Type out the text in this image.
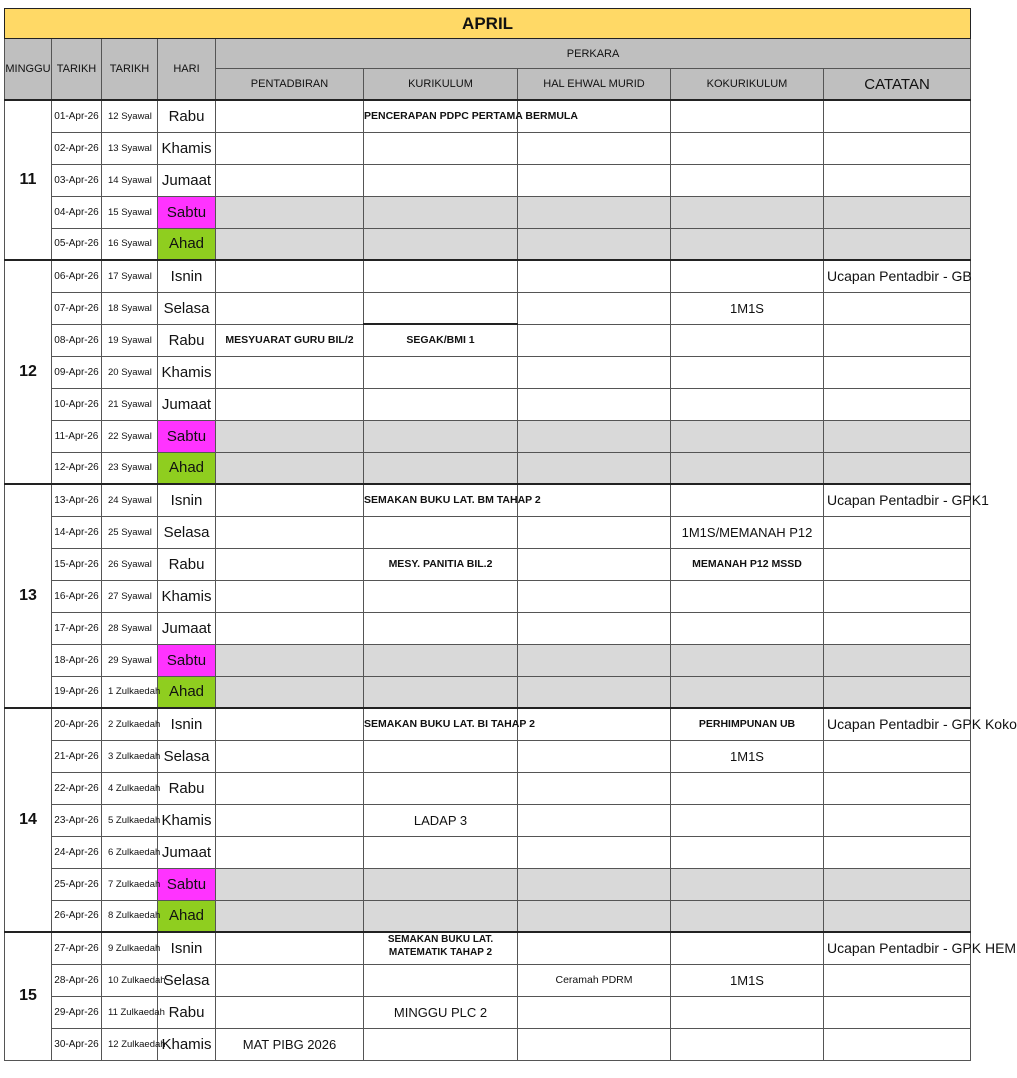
APRIL								
MINGGU	TARIKH	TARIKH	HARI	PERKARA				
				PENTADBIRAN	KURIKULUM	HAL EHWAL MURID	KOKURIKULUM	CATATAN
11	01-Apr-26	12 Syawal	Rabu		PENCERAPAN PDPC PERTAMA BERMULA			
	02-Apr-26	13 Syawal	Khamis					
	03-Apr-26	14 Syawal	Jumaat					
	04-Apr-26	15 Syawal	Sabtu					
	05-Apr-26	16 Syawal	Ahad					
12	06-Apr-26	17 Syawal	Isnin					Ucapan Pentadbir - GB
	07-Apr-26	18 Syawal	Selasa				1M1S	
	08-Apr-26	19 Syawal	Rabu	MESYUARAT GURU BIL/2	SEGAK/BMI 1			
	09-Apr-26	20 Syawal	Khamis					
	10-Apr-26	21 Syawal	Jumaat					
	11-Apr-26	22 Syawal	Sabtu					
	12-Apr-26	23 Syawal	Ahad					
13	13-Apr-26	24 Syawal	Isnin		SEMAKAN BUKU LAT. BM TAHAP 2			Ucapan Pentadbir - GPK1
	14-Apr-26	25 Syawal	Selasa				1M1S/MEMANAH P12	
	15-Apr-26	26 Syawal	Rabu		MESY. PANITIA BIL.2		MEMANAH P12 MSSD	
	16-Apr-26	27 Syawal	Khamis					
	17-Apr-26	28 Syawal	Jumaat					
	18-Apr-26	29 Syawal	Sabtu					
	19-Apr-26	1 Zulkaedah	Ahad					
14	20-Apr-26	2 Zulkaedah	Isnin		SEMAKAN BUKU LAT. BI TAHAP 2		PERHIMPUNAN UB	Ucapan Pentadbir - GPK Koko
	21-Apr-26	3 Zulkaedah	Selasa				1M1S	
	22-Apr-26	4 Zulkaedah	Rabu					
	23-Apr-26	5 Zulkaedah	Khamis		LADAP 3			
	24-Apr-26	6 Zulkaedah	Jumaat					
	25-Apr-26	7 Zulkaedah	Sabtu					
	26-Apr-26	8 Zulkaedah	Ahad					
15	27-Apr-26	9 Zulkaedah	Isnin		SEMAKAN BUKU LAT. MATEMATIK TAHAP 2			Ucapan Pentadbir - GPK HEM
	28-Apr-26	10 Zulkaedah	Selasa			Ceramah PDRM	1M1S	
	29-Apr-26	11 Zulkaedah	Rabu		MINGGU PLC 2			
	30-Apr-26	12 Zulkaedah	Khamis	MAT PIBG 2026				
